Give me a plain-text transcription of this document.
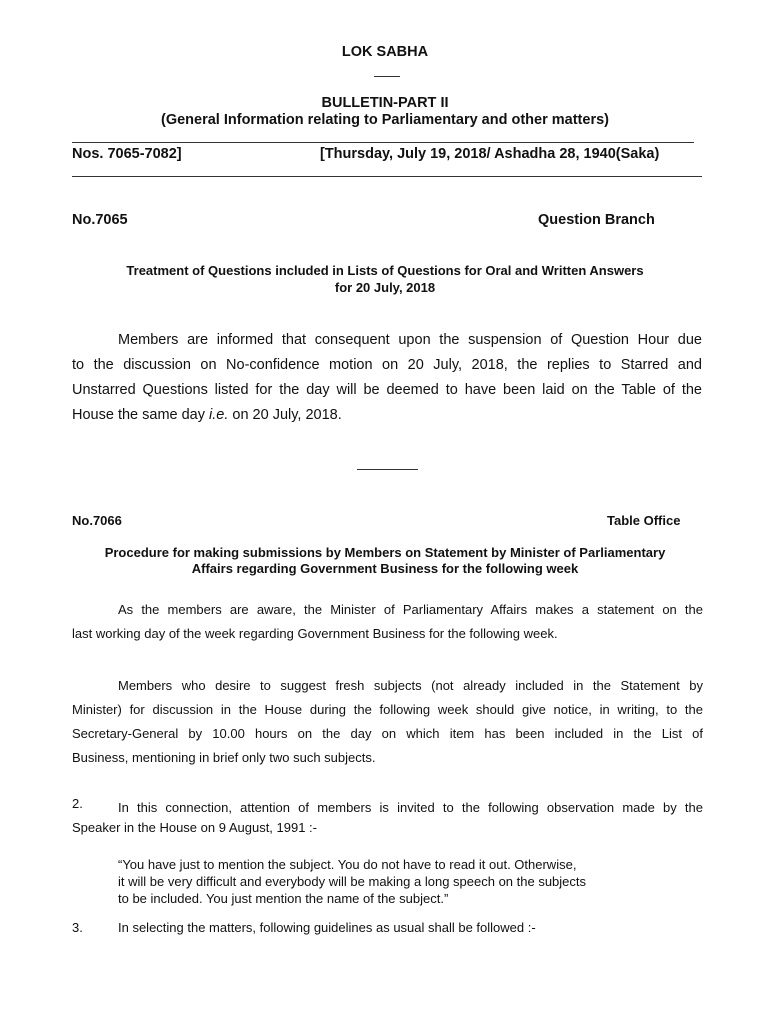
LOK SABHA
BULLETIN-PART II
(General Information relating to Parliamentary and other matters)
Nos. 7065-7082]	[Thursday, July 19, 2018/ Ashadha 28, 1940(Saka)
No.7065	Question Branch
Treatment of Questions included in Lists of Questions for Oral and Written Answers
for 20 July, 2018
Members are informed that consequent upon the suspension of Question Hour due
to the discussion on No-confidence motion on 20 July, 2018, the replies to Starred and
Unstarred Questions listed for the day will be deemed to have been laid on the Table of the
House the same day i.e. on 20 July, 2018.
No.7066	Table Office
Procedure for making submissions by Members on Statement by Minister of Parliamentary
Affairs regarding Government Business for the following week
As the members are aware, the Minister of Parliamentary Affairs makes a statement on the
last working day of the week regarding Government Business for the following week.
Members who desire to suggest fresh subjects (not already included in the Statement by
Minister) for discussion in the House during the following week should give notice, in writing, to the
Secretary-General by 10.00 hours on the day on which item has been included in the List of
Business, mentioning in brief only two such subjects.
2.	In this connection, attention of members is invited to the following observation made by the
Speaker in the House on 9 August, 1991 :-
“You have just to mention the subject. You do not have to read it out. Otherwise,
it will be very difficult and everybody will be making a long speech on the subjects
to be included. You just mention the name of the subject.”
3.	In selecting the matters, following guidelines as usual shall be followed :-
